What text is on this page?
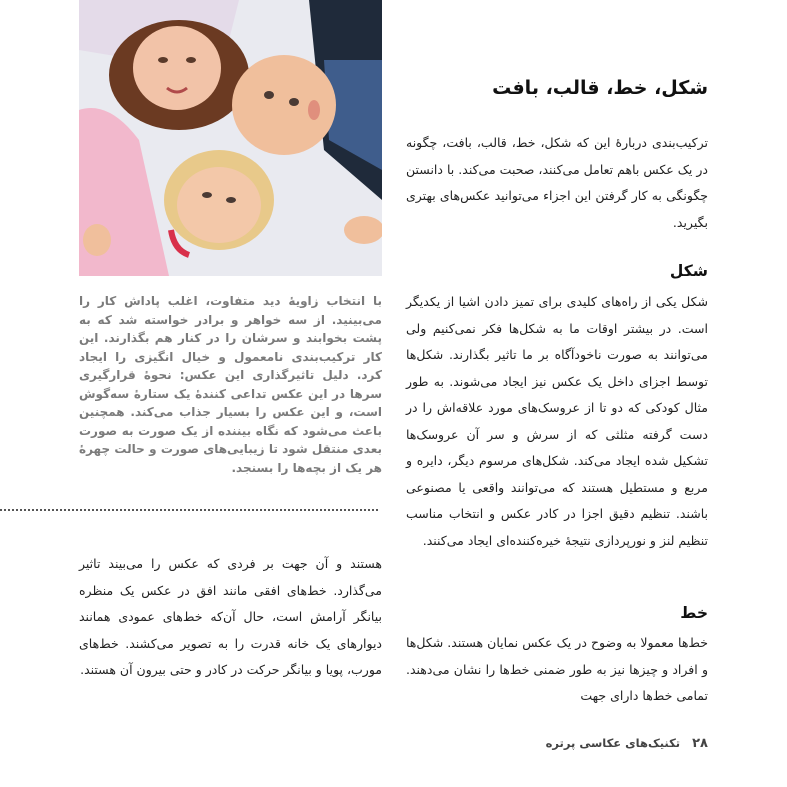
شکل، خط، قالب، بافت

ترکیب‌بندی دربارهٔ این که شکل، خط، قالب، بافت، چگونه در یک عکس باهم تعامل می‌کنند، صحبت می‌کند. با دانستن چگونگی به کار گرفتن این اجزاء می‌توانید عکس‌های بهتری بگیرید.

شکل

شکل یکی از راه‌های کلیدی برای تمیز دادن اشیا از یکدیگر است. در بیشتر اوقات ما به شکل‌ها فکر نمی‌کنیم ولی می‌توانند به صورت ناخودآگاه بر ما تاثیر بگذارند. شکل‌ها توسط اجزای داخل یک عکس نیز ایجاد می‌شوند. به طور مثال کودکی که دو تا از عروسک‌های مورد علاقه‌اش را در دست گرفته مثلثی که از سرش و سر آن عروسک‌ها تشکیل شده ایجاد می‌کند. شکل‌های مرسوم دیگر، دایره و مربع و مستطیل هستند که می‌توانند واقعی یا مصنوعی باشند. تنظیم دقیق اجزا در کادر عکس و انتخاب مناسب تنظیم لنز و نورپردازی نتیجهٔ خیره‌کننده‌ای ایجاد می‌کنند.

خط

خط‌ها معمولا به وضوح در یک عکس نمایان هستند. شکل‌ها و افراد و چیزها نیز به طور ضمنی خط‌ها را نشان می‌دهند. تمامی خط‌ها دارای جهت

با انتخاب زاویهٔ دید متفاوت، اغلب پاداش کار را می‌بینید. از سه خواهر و برادر خواسته شد که به پشت بخوابند و سرشان را در کنار هم بگذارند. این کار ترکیب‌بندی نامعمول و خیال انگیزی را ایجاد کرد. دلیل تاثیرگذاری این عکس: نحوهٔ قرارگیری سرها در این عکس تداعی کنندهٔ یک ستارهٔ سه‌گوش است، و این عکس را بسیار جذاب می‌کند. همچنین باعث می‌شود که نگاه بیننده از یک صورت به صورت بعدی منتقل شود تا زیبایی‌های صورت و حالت چهرهٔ هر یک از بچه‌ها را بسنجد.

هستند و آن جهت بر فردی که عکس را می‌بیند تاثیر می‌گذارد. خط‌های افقی مانند افق در عکس یک منظره بیانگر آرامش است، حال آن‌که خط‌های عمودی همانند دیوارهای یک خانه قدرت را به تصویر می‌کشند. خط‌های مورب، پویا و بیانگر حرکت در کادر و حتی بیرون آن هستند.

۲۸
تکنیک‌های عکاسی پرتره
